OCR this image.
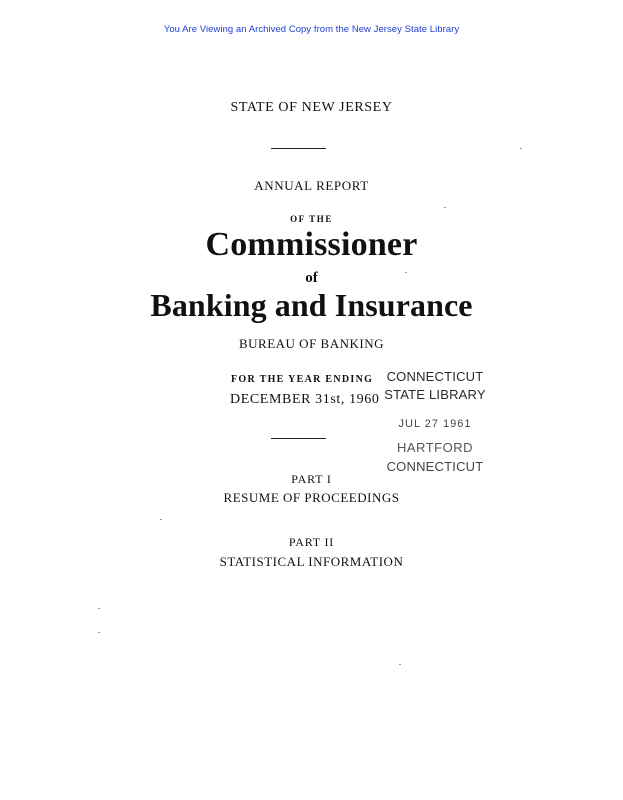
You Are Viewing an Archived Copy from the New Jersey State Library
STATE OF NEW JERSEY
ANNUAL REPORT
OF THE
Commissioner
of
Banking and Insurance
BUREAU OF BANKING
FOR THE YEAR ENDING
DECEMBER 31st, 1960
PART I
RESUME OF PROCEEDINGS
PART II
STATISTICAL INFORMATION
CONNECTICUT
STATE LIBRARY
JUL 27 1961
HARTFORD
CONNECTICUT
